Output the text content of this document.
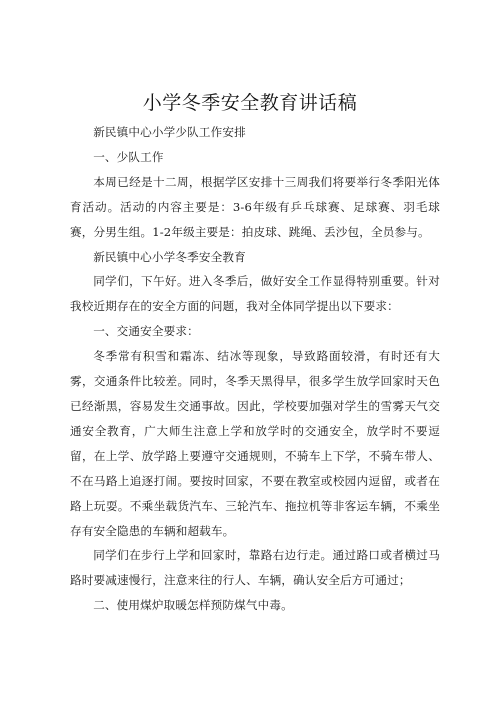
小学冬季安全教育讲话稿

新民镇中心小学少队工作安排

一、少队工作

本周已经是十二周，根据学区安排十三周我们将要举行冬季阳光体育活动。活动的内容主要是：3-6年级有乒乓球赛、足球赛、羽毛球赛，分男生组。1-2年级主要是：拍皮球、跳绳、丢沙包，全员参与。

新民镇中心小学冬季安全教育

同学们，下午好。进入冬季后，做好安全工作显得特别重要。针对我校近期存在的安全方面的问题，我对全体同学提出以下要求：

一、交通安全要求：

冬季常有积雪和霜冻、结冰等现象，导致路面较滑，有时还有大雾，交通条件比较差。同时，冬季天黑得早，很多学生放学回家时天色已经渐黑，容易发生交通事故。因此，学校要加强对学生的雪雾天气交通安全教育，广大师生注意上学和放学时的交通安全，放学时不要逗留，在上学、放学路上要遵守交通规则，不骑车上下学，不骑车带人、不在马路上追逐打闹。要按时回家，不要在教室或校园内逗留，或者在路上玩耍。不乘坐载货汽车、三轮汽车、拖拉机等非客运车辆，不乘坐存有安全隐患的车辆和超载车。

同学们在步行上学和回家时，靠路右边行走。通过路口或者横过马路时要减速慢行，注意来往的行人、车辆，确认安全后方可通过；

二、使用煤炉取暖怎样预防煤气中毒。
